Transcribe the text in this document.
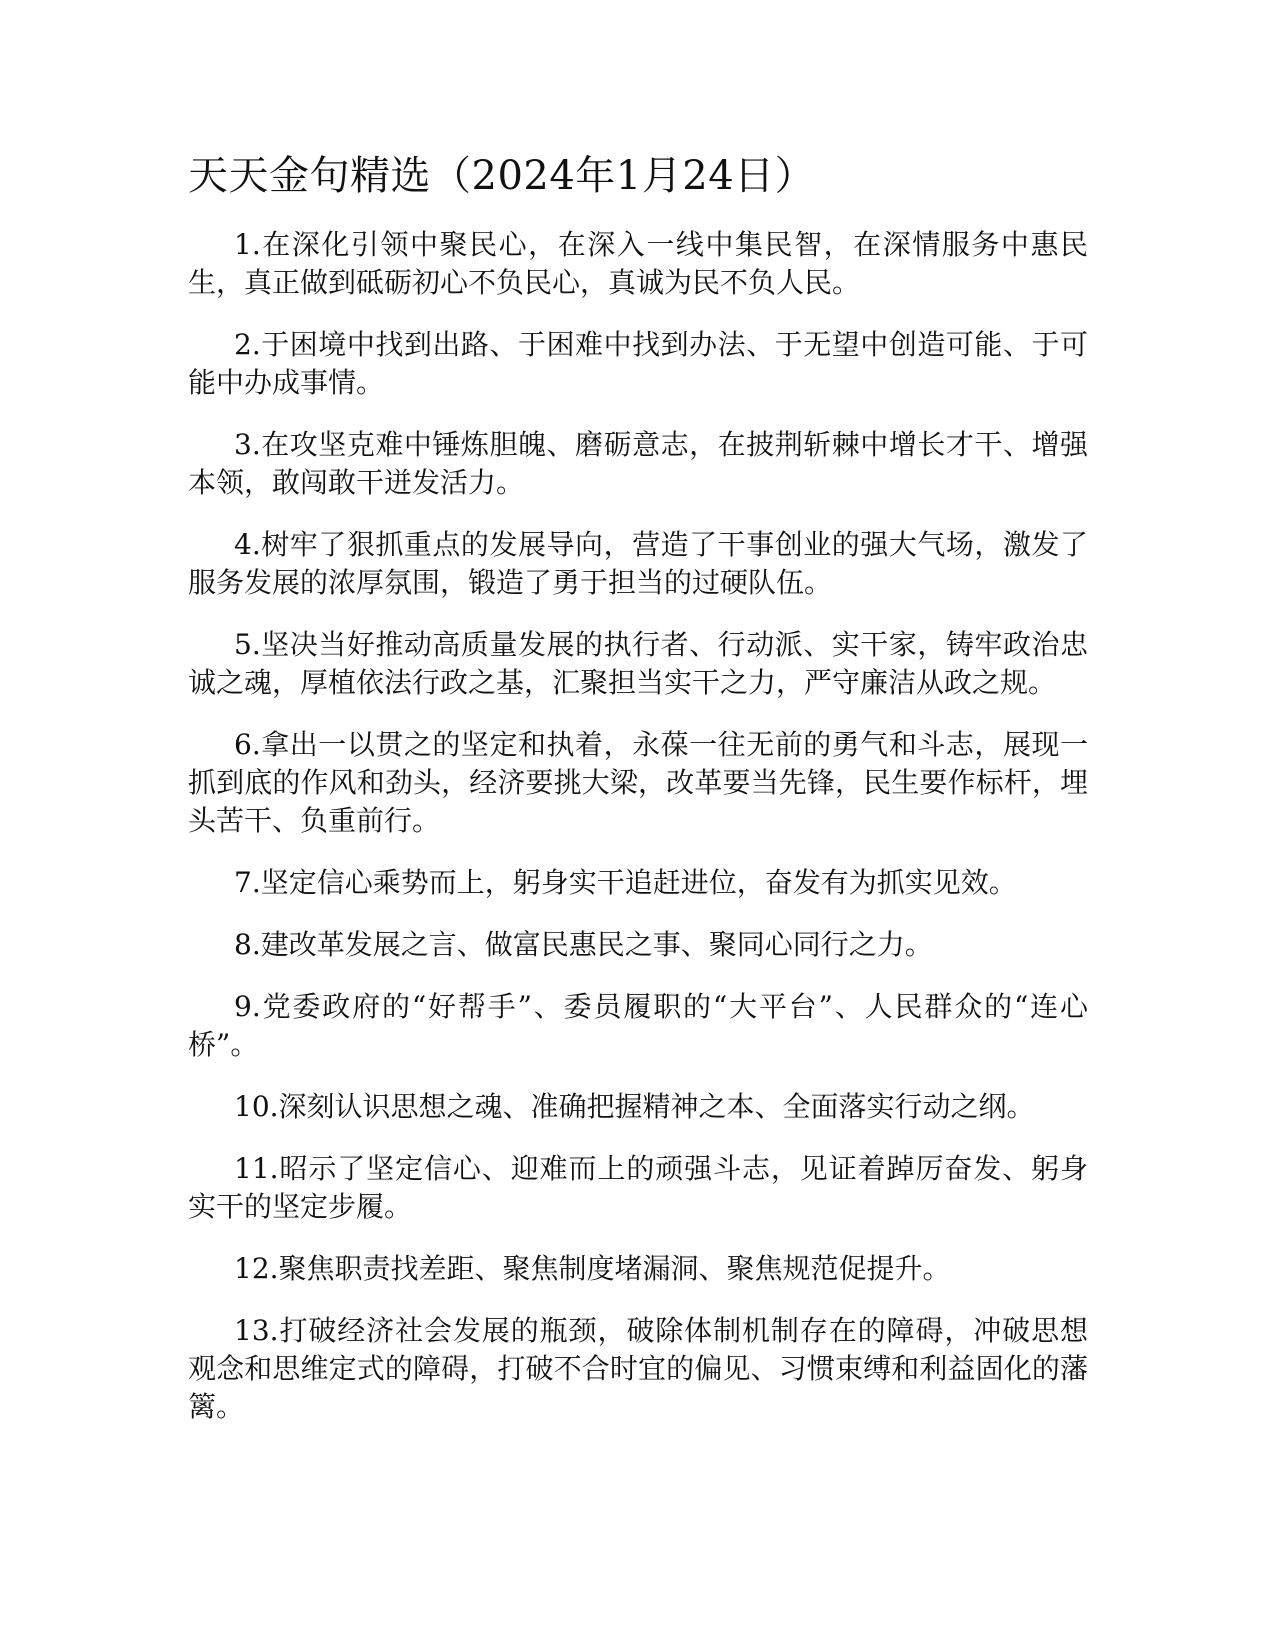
天天金句精选（2024年1月24日）

1.在深化引领中聚民心，在深入一线中集民智，在深情服务中惠民生，真正做到砥砺初心不负民心，真诚为民不负人民。

2.于困境中找到出路、于困难中找到办法、于无望中创造可能、于可能中办成事情。

3.在攻坚克难中锤炼胆魄、磨砺意志，在披荆斩棘中增长才干、增强本领，敢闯敢干迸发活力。

4.树牢了狠抓重点的发展导向，营造了干事创业的强大气场，激发了服务发展的浓厚氛围，锻造了勇于担当的过硬队伍。

5.坚决当好推动高质量发展的执行者、行动派、实干家，铸牢政治忠诚之魂，厚植依法行政之基，汇聚担当实干之力，严守廉洁从政之规。

6.拿出一以贯之的坚定和执着，永葆一往无前的勇气和斗志，展现一抓到底的作风和劲头，经济要挑大梁，改革要当先锋，民生要作标杆，埋头苦干、负重前行。

7.坚定信心乘势而上，躬身实干追赶进位，奋发有为抓实见效。

8.建改革发展之言、做富民惠民之事、聚同心同行之力。

9.党委政府的“好帮手”、委员履职的“大平台”、人民群众的“连心桥”。

10.深刻认识思想之魂、准确把握精神之本、全面落实行动之纲。

11.昭示了坚定信心、迎难而上的顽强斗志，见证着踔厉奋发、躬身实干的坚定步履。

12.聚焦职责找差距、聚焦制度堵漏洞、聚焦规范促提升。

13.打破经济社会发展的瓶颈，破除体制机制存在的障碍，冲破思想观念和思维定式的障碍，打破不合时宜的偏见、习惯束缚和利益固化的藩篱。
